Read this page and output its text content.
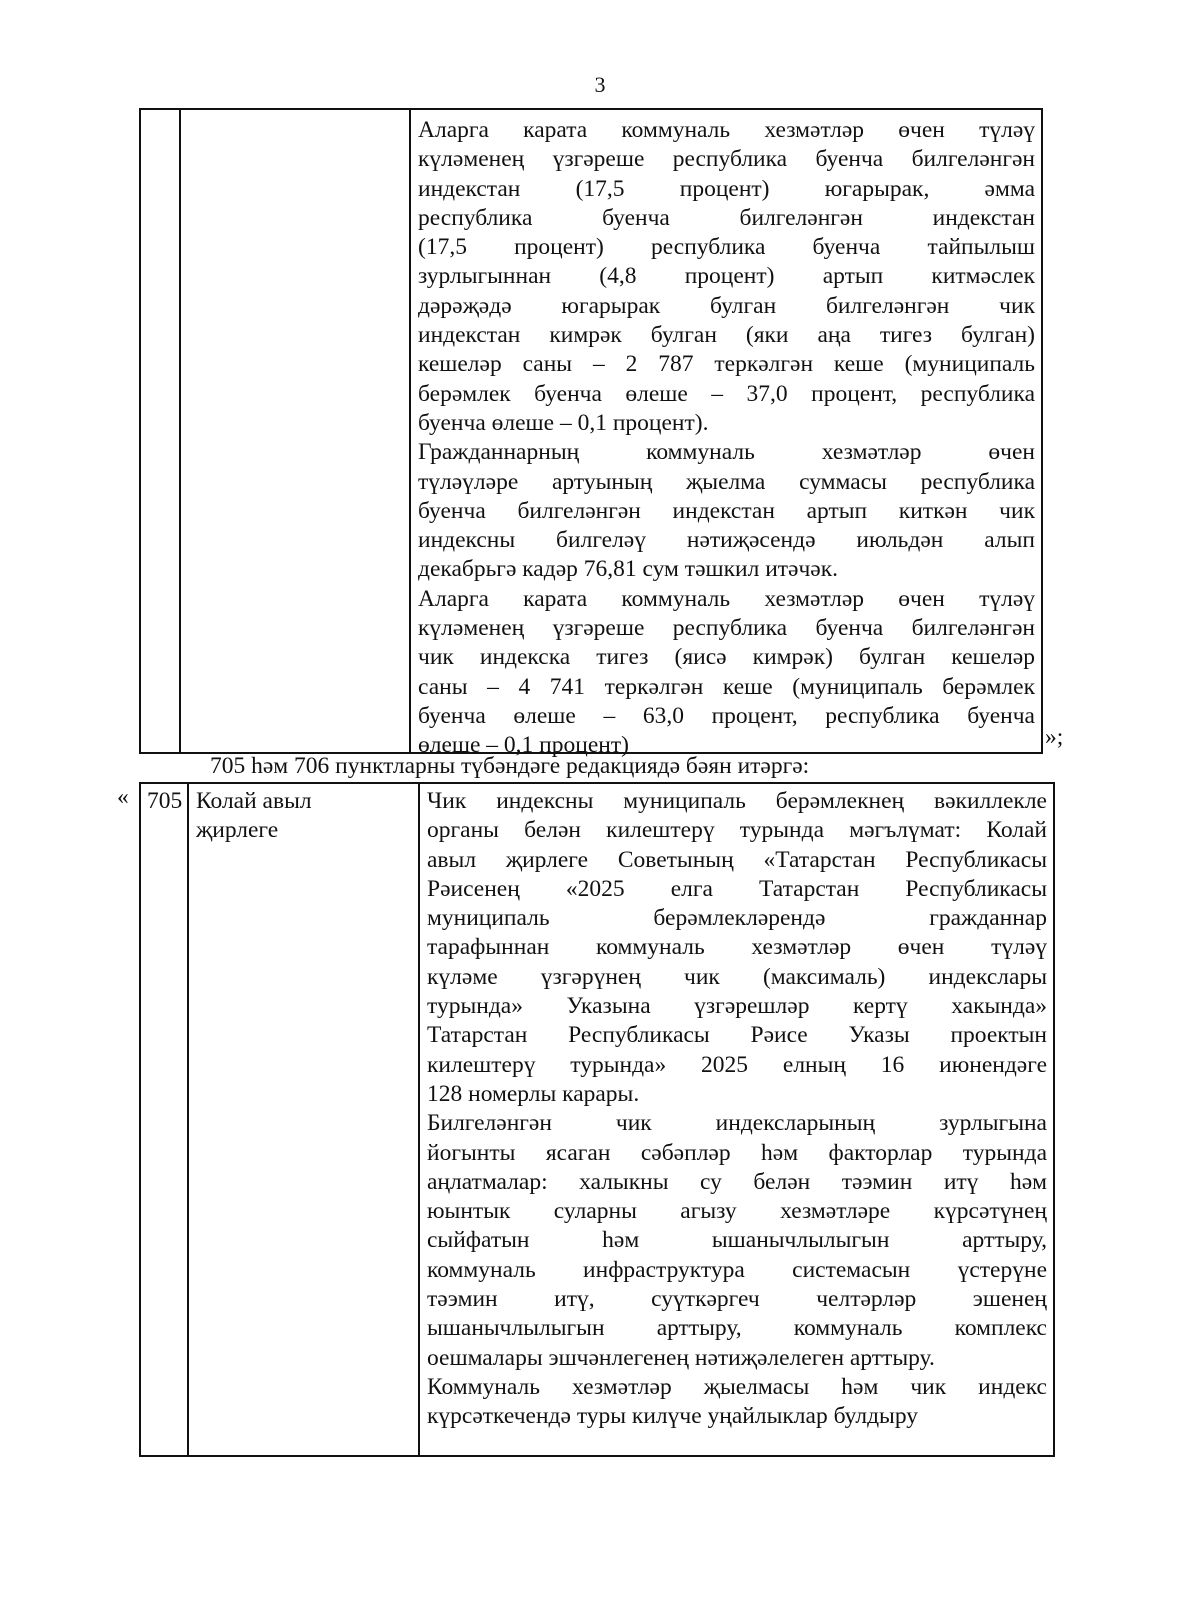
3
Аларга карата коммуналь хезмәтләр өчен түләү
күләменең үзгәреше республика буенча билгеләнгән
индекстан (17,5 процент) югарырак, әмма
республика буенча билгеләнгән индекстан
(17,5 процент) республика буенча тайпылыш
зурлыгыннан (4,8 процент) артып китмәслек
дәрәҗәдә югарырак булган билгеләнгән чик
индекстан кимрәк булган (яки аңа тигез булган)
кешеләр саны – 2 787 теркәлгән кеше (муниципаль
берәмлек буенча өлеше – 37,0 процент, республика
буенча өлеше – 0,1 процент).
Гражданнарның коммуналь хезмәтләр өчен
түләүләре артуының җыелма суммасы республика
буенча билгеләнгән индекстан артып киткән чик
индексны билгеләү нәтиҗәсендә июльдән алып
декабрьгә кадәр 76,81 сум тәшкил итәчәк.
Аларга карата коммуналь хезмәтләр өчен түләү
күләменең үзгәреше республика буенча билгеләнгән
чик индекска тигез (яисә кимрәк) булган кешеләр
саны – 4 741 теркәлгән кеше (муниципаль берәмлек
буенча өлеше – 63,0 процент, республика буенча
өлеше – 0,1 процент)	»;
705 һәм 706 пунктларны түбәндәге редакциядә бәян итәргә:
« 705 Колай авыл
җирлеге
Чик индексны муниципаль берәмлекнең вәкиллекле
органы белән килештерү турында мәгълүмат: Колай
авыл җирлеге Советының «Татарстан Республикасы
Рәисенең «2025 елга Татарстан Республикасы
муниципаль берәмлекләрендә гражданнар
тарафыннан коммуналь хезмәтләр өчен түләү
күләме үзгәрүнең чик (максималь) индекслары
турында» Указына үзгәрешләр кертү хакында»
Татарстан Республикасы Рәисе Указы проектын
килештерү турында» 2025 елның 16 июнендәге
128 номерлы карары.
Билгеләнгән чик индексларының зурлыгына
йогынты ясаган сәбәпләр һәм факторлар турында
аңлатмалар: халыкны су белән тәэмин итү һәм
юынтык суларны агызу хезмәтләре күрсәтүнең
сыйфатын һәм ышанычлылыгын арттыру,
коммуналь инфраструктура системасын үстерүне
тәэмин итү, суүткәргеч челтәрләр эшенең
ышанычлылыгын арттыру, коммуналь комплекс
оешмалары эшчәнлегенең нәтиҗәлелеген арттыру.
Коммуналь хезмәтләр җыелмасы һәм чик индекс
күрсәткечендә туры килүче уңайлыклар булдыру
